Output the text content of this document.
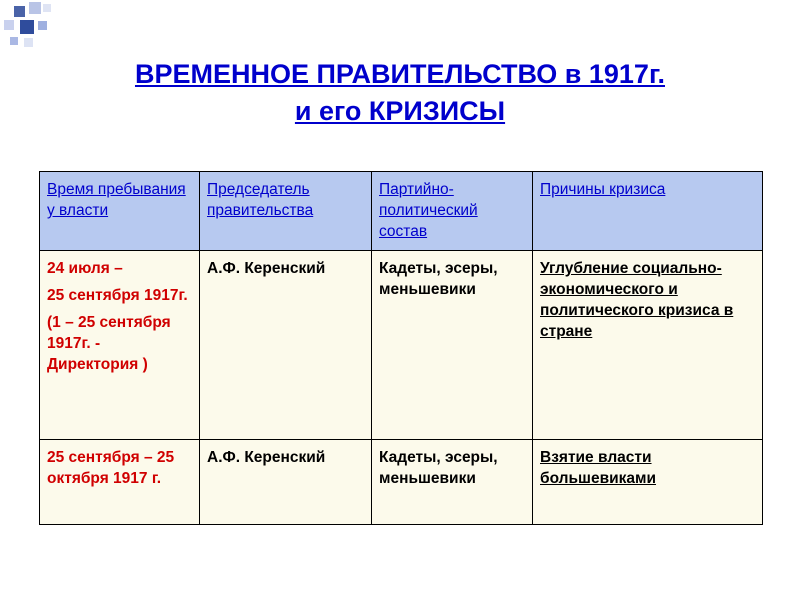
ВРЕМЕННОЕ ПРАВИТЕЛЬСТВО в 1917г.
и его КРИЗИСЫ
Время пребывания у власти	Председатель правительства	Партийно-политический состав	Причины кризиса

24 июля –
25 сентября 1917г.
(1 – 25 сентября 1917г. - Директория )	А.Ф. Керенский	Кадеты, эсеры, меньшевики	Углубление социально-экономического и политического кризиса в стране
25 сентября – 25 октября 1917 г.	А.Ф. Керенский	Кадеты, эсеры, меньшевики	Взятие власти большевиками
